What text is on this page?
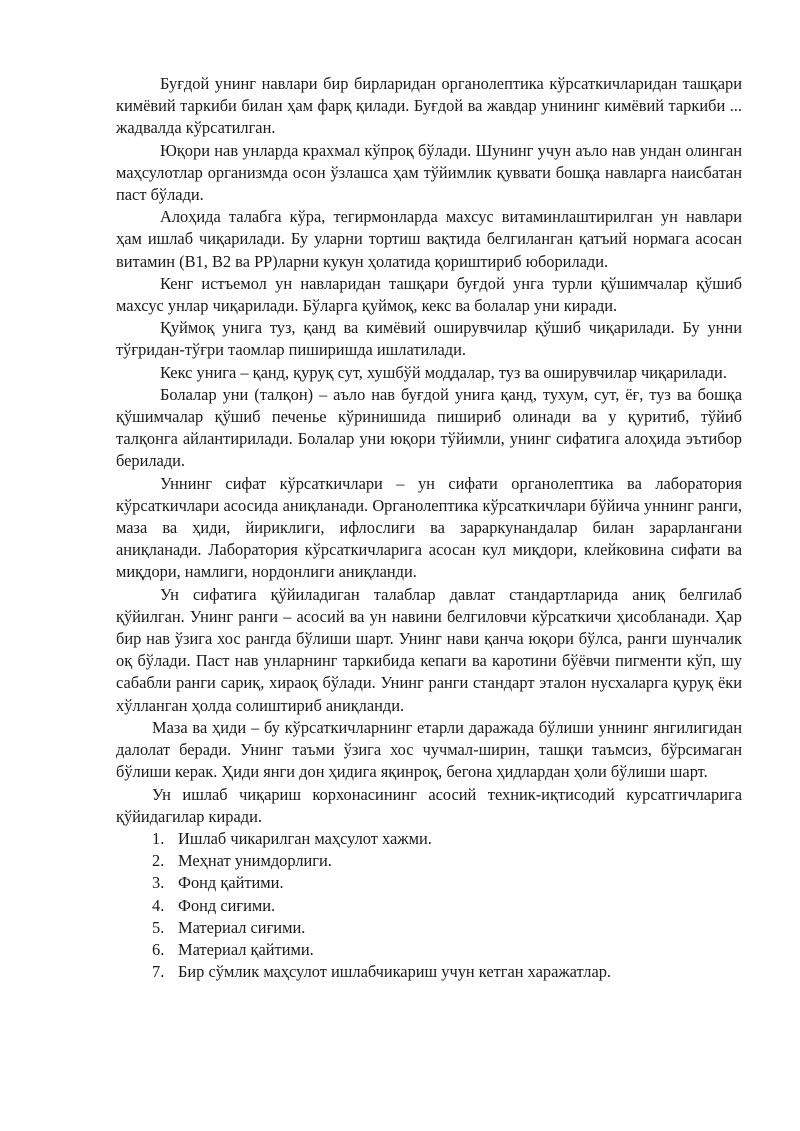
Буғдой унинг навлари бир бирларидан органолептика кўрсаткичларидан ташқари кимёвий таркиби билан ҳам фарқ қилади. Буғдой ва жавдар унининг кимёвий таркиби ... жадвалда кўрсатилган.

Юқори нав унларда крахмал кўпроқ бўлади. Шунинг учун аъло нав ундан олинган маҳсулотлар организмда осон ўзлашса ҳам тўйимлик қуввати бошқа навларга наисбатан паст бўлади.

Алоҳида талабга кўра, тегирмонларда махсус витаминлаштирилган ун навлари ҳам ишлаб чиқарилади. Бу уларни тортиш вақтида белгиланган қатъий нормага асосан витамин (В1, В2 ва РР)ларни кукун ҳолатида қориштириб юборилади.

Кенг истъемол ун навларидан ташқари буғдой унга турли қўшимчалар қўшиб махсус унлар чиқарилади. Бўларга қуймоқ, кекс ва болалар уни киради.

Қуймоқ унига туз, қанд ва кимёвий оширувчилар қўшиб чиқарилади. Бу унни тўғридан-тўғри таомлар пиширишда ишлатилади.

Кекс унига – қанд, қуруқ сут, хушбўй моддалар, туз ва оширувчилар чиқарилади.

Болалар уни (талқон) – аъло нав буғдой унига қанд, тухум, сут, ёғ, туз ва бошқа қўшимчалар қўшиб печенье кўринишида пишириб олинади ва у қуритиб, тўйиб талқонга айлантирилади. Болалар уни юқори тўйимли, унинг сифатига алоҳида эътибор берилади.

Уннинг сифат кўрсаткичлари – ун сифати органолептика ва лаборатория кўрсаткичлари асосида аниқланади. Органолептика кўрсаткичлари бўйича уннинг ранги, маза ва ҳиди, йириклиги, ифлослиги ва зараркунандалар билан зарарлангани аниқланади. Лаборатория кўрсаткичларига асосан кул миқдори, клейковина сифати ва миқдори, намлиги, нордонлиги аниқланди.

Ун сифатига қўйиладиган талаблар давлат стандартларида аниқ белгилаб қўйилган. Унинг ранги – асосий ва ун навини белгиловчи кўрсаткичи ҳисобланади. Ҳар бир нав ўзига хос рангда бўлиши шарт. Унинг нави қанча юқори бўлса, ранги шунчалик оқ бўлади. Паст нав унларнинг таркибида кепаги ва каротини бўёвчи пигменти кўп, шу сабабли ранги сариқ, хираоқ бўлади. Унинг ранги стандарт эталон нусхаларга қуруқ ёки хўлланган ҳолда солиштириб аниқланди.

Маза ва ҳиди – бу кўрсаткичларнинг етарли даражада бўлиши уннинг янгилигидан далолат беради. Унинг таъми ўзига хос чучмал-ширин, ташқи таъмсиз, бўрсимаган бўлиши керак. Ҳиди янги дон ҳидига яқинроқ, бегона ҳидлардан ҳоли бўлиши шарт.

Ун ишлаб чиқариш корхонасининг асосий техник-иқтисодий курсатгичларига қўйидагилар киради.

1. Ишлаб чикарилган маҳсулот хажми.
2. Меҳнат унимдорлиги.
3. Фонд қайтими.
4. Фонд сиғими.
5. Материал сиғими.
6. Материал қайтими.
7. Бир сўмлик маҳсулот ишлабчикариш учун кетган харажатлар.
